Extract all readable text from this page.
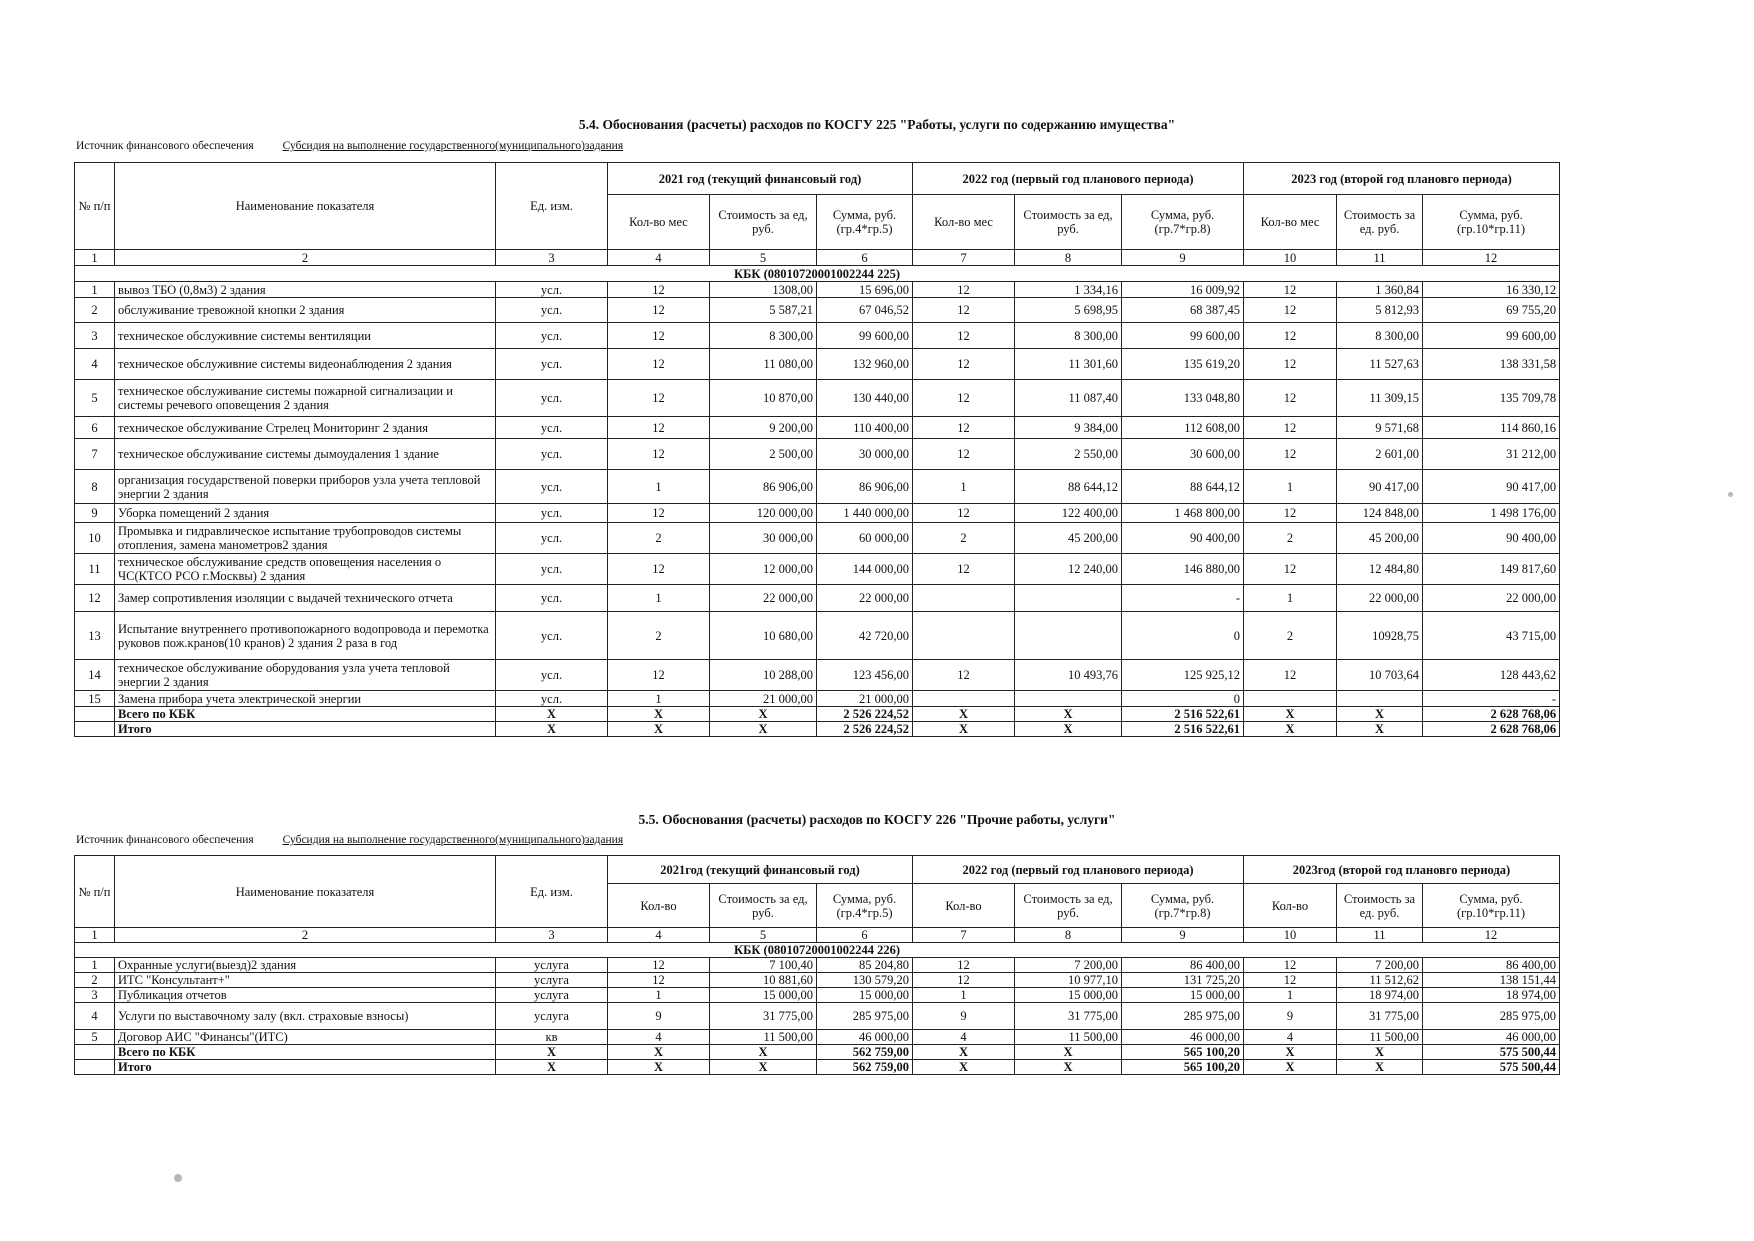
5.4. Обоснования (расчеты) расходов по КОСГУ 225 "Работы, услуги по содержанию имущества"
Источник финансового обеспечения	Субсидия на выполнение государственного(муниципального)задания
№ п/п	Наименование показателя	Ед. изм.	2021 год (текущий финансовый год)			2022 год (первый год планового периода)			2023 год (второй год плановго периода)		
			Кол-во мес	Стоимость за ед, руб.	Сумма, руб. (гр.4*гр.5)	Кол-во мес	Стоимость за ед, руб.	Сумма, руб. (гр.7*гр.8)	Кол-во мес	Стоимость за ед. руб.	Сумма, руб. (гр.10*гр.11)
1	2	3	4	5	6	7	8	9	10	11	12
КБК (08010720001002244 225)											
1	вывоз ТБО (0,8м3) 2 здания	усл.	12	1308,00	15 696,00	12	1 334,16	16 009,92	12	1 360,84	16 330,12
2	обслуживание тревожной кнопки 2 здания	усл.	12	5 587,21	67 046,52	12	5 698,95	68 387,45	12	5 812,93	69 755,20
3	техническое обслуживние системы вентиляции	усл.	12	8 300,00	99 600,00	12	8 300,00	99 600,00	12	8 300,00	99 600,00
4	техническое обслуживние системы видеонаблюдения 2 здания	усл.	12	11 080,00	132 960,00	12	11 301,60	135 619,20	12	11 527,63	138 331,58
5	техническое обслуживание системы пожарной сигнализации и системы речевого оповещения 2 здания	усл.	12	10 870,00	130 440,00	12	11 087,40	133 048,80	12	11 309,15	135 709,78
6	техническое обслуживание Стрелец Мониторинг 2 здания	усл.	12	9 200,00	110 400,00	12	9 384,00	112 608,00	12	9 571,68	114 860,16
7	техническое обслуживание системы дымоудаления 1 здание	усл.	12	2 500,00	30 000,00	12	2 550,00	30 600,00	12	2 601,00	31 212,00
8	организация государственой поверки приборов узла учета тепловой энергии 2 здания	усл.	1	86 906,00	86 906,00	1	88 644,12	88 644,12	1	90 417,00	90 417,00
9	Уборка помещений 2 здания	усл.	12	120 000,00	1 440 000,00	12	122 400,00	1 468 800,00	12	124 848,00	1 498 176,00
10	Промывка и гидравлическое испытание трубопроводов системы отопления, замена манометров2 здания	усл.	2	30 000,00	60 000,00	2	45 200,00	90 400,00	2	45 200,00	90 400,00
11	техническое обслуживание средств оповещения населения о ЧС(КТСО РСО г.Москвы) 2 здания	усл.	12	12 000,00	144 000,00	12	12 240,00	146 880,00	12	12 484,80	149 817,60
12	Замер сопротивления изоляции с выдачей технического отчета	усл.	1	22 000,00	22 000,00			-	1	22 000,00	22 000,00
13	Испытание внутреннего противопожарного водопровода и перемотка руковов пож.кранов(10 кранов) 2 здания 2 раза в год	усл.	2	10 680,00	42 720,00			0	2	10928,75	43 715,00
14	техническое обслуживание оборудования узла учета тепловой энергии 2 здания	усл.	12	10 288,00	123 456,00	12	10 493,76	125 925,12	12	10 703,64	128 443,62
15	Замена прибора учета электрической энергии	усл.	1	21 000,00	21 000,00			0			-
	Всего по КБК	Х	Х	Х	2 526 224,52	Х	Х	2 516 522,61	Х	Х	2 628 768,06
	Итого	Х	Х	Х	2 526 224,52	Х	Х	2 516 522,61	Х	Х	2 628 768,06
5.5. Обоснования (расчеты) расходов по КОСГУ 226 "Прочие работы, услуги"
Источник финансового обеспечения	Субсидия на выполнение государственного(муниципального)задания
№ п/п	Наименование показателя	Ед. изм.	2021год (текущий финансовый год)			2022 год (первый год планового периода)			2023год (второй год плановго периода)		
			Кол-во	Стоимость за ед, руб.	Сумма, руб. (гр.4*гр.5)	Кол-во	Стоимость за ед, руб.	Сумма, руб. (гр.7*гр.8)	Кол-во	Стоимость за ед. руб.	Сумма, руб. (гр.10*гр.11)
1	2	3	4	5	6	7	8	9	10	11	12
КБК (08010720001002244 226)											
1	Охранные услуги(выезд)2 здания	услуга	12	7 100,40	85 204,80	12	7 200,00	86 400,00	12	7 200,00	86 400,00
2	ИТС "Консультант+"	услуга	12	10 881,60	130 579,20	12	10 977,10	131 725,20	12	11 512,62	138 151,44
3	Публикация отчетов	услуга	1	15 000,00	15 000,00	1	15 000,00	15 000,00	1	18 974,00	18 974,00
4	Услуги по выставочному залу (вкл. страховые взносы)	услуга	9	31 775,00	285 975,00	9	31 775,00	285 975,00	9	31 775,00	285 975,00
5	Договор АИС "Финансы"(ИТС)	кв	4	11 500,00	46 000,00	4	11 500,00	46 000,00	4	11 500,00	46 000,00
	Всего по КБК	Х	Х	Х	562 759,00	Х	Х	565 100,20	Х	Х	575 500,44
	Итого	Х	Х	Х	562 759,00	Х	Х	565 100,20	Х	Х	575 500,44
